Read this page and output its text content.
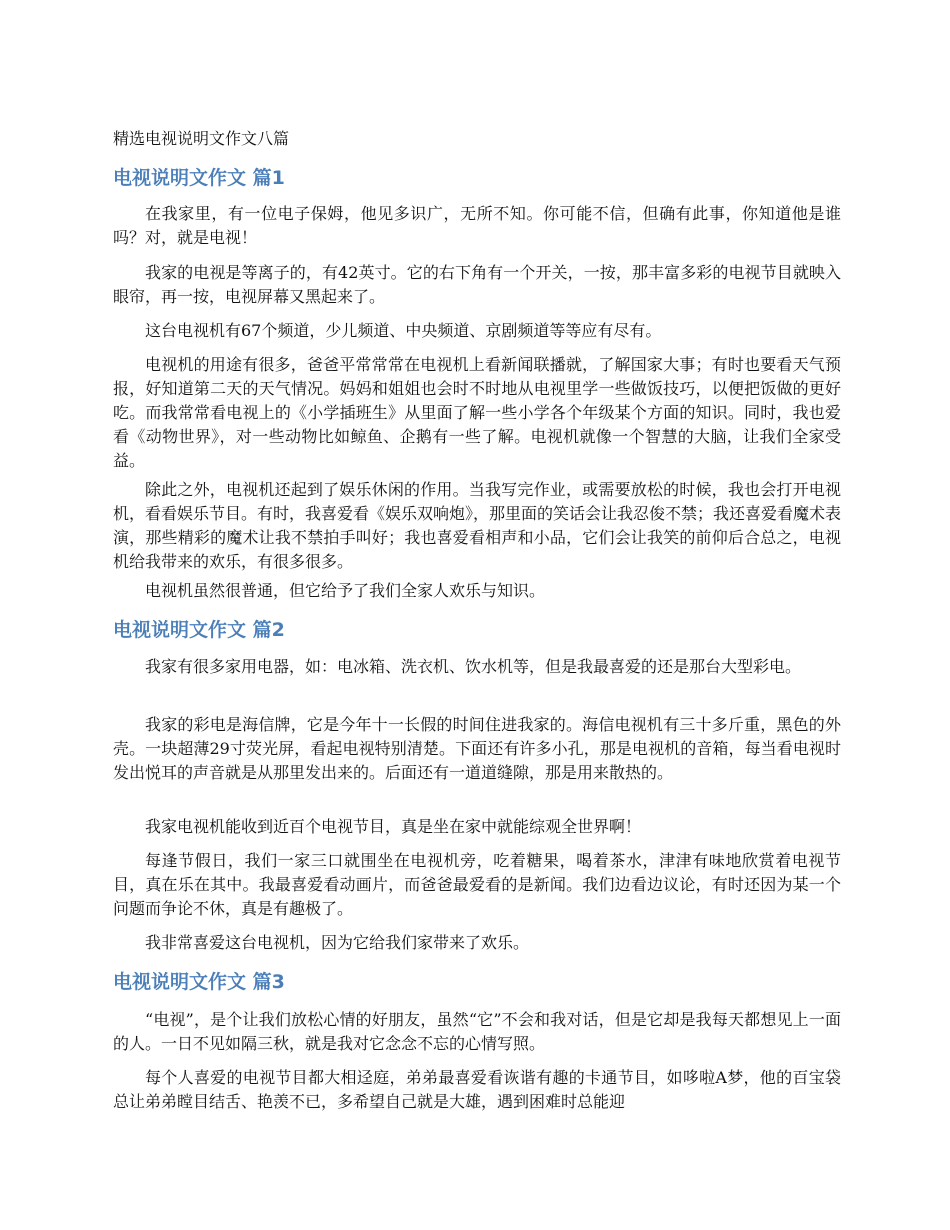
精选电视说明文作文八篇
电视说明文作文 篇1

在我家里，有一位电子保姆，他见多识广，无所不知。你可能不信，但确有此事，你知道他是谁吗？对，就是电视！

我家的电视是等离子的，有42英寸。它的右下角有一个开关，一按，那丰富多彩的电视节目就映入眼帘，再一按，电视屏幕又黑起来了。

这台电视机有67个频道，少儿频道、中央频道、京剧频道等等应有尽有。

电视机的用途有很多，爸爸平常常常在电视机上看新闻联播就，了解国家大事；有时也要看天气预报，好知道第二天的天气情况。妈妈和姐姐也会时不时地从电视里学一些做饭技巧，以便把饭做的更好吃。而我常常看电视上的《小学插班生》从里面了解一些小学各个年级某个方面的知识。同时，我也爱看《动物世界》，对一些动物比如鲸鱼、企鹅有一些了解。电视机就像一个智慧的大脑，让我们全家受益。

除此之外，电视机还起到了娱乐休闲的作用。当我写完作业，或需要放松的时候，我也会打开电视机，看看娱乐节目。有时，我喜爱看《娱乐双响炮》，那里面的笑话会让我忍俊不禁；我还喜爱看魔术表演，那些精彩的魔术让我不禁拍手叫好；我也喜爱看相声和小品，它们会让我笑的前仰后合总之，电视机给我带来的欢乐，有很多很多。

电视机虽然很普通，但它给予了我们全家人欢乐与知识。

电视说明文作文 篇2

我家有很多家用电器，如：电冰箱、洗衣机、饮水机等，但是我最喜爱的还是那台大型彩电。

我家的彩电是海信牌，它是今年十一长假的时间住进我家的。海信电视机有三十多斤重，黑色的外壳。一块超薄29寸荧光屏，看起电视特别清楚。下面还有许多小孔，那是电视机的音箱，每当看电视时发出悦耳的声音就是从那里发出来的。后面还有一道道缝隙，那是用来散热的。

我家电视机能收到近百个电视节目，真是坐在家中就能综观全世界啊！

每逢节假日，我们一家三口就围坐在电视机旁，吃着糖果，喝着茶水，津津有味地欣赏着电视节目，真在乐在其中。我最喜爱看动画片，而爸爸最爱看的是新闻。我们边看边议论，有时还因为某一个问题而争论不休，真是有趣极了。

我非常喜爱这台电视机，因为它给我们家带来了欢乐。

电视说明文作文 篇3

“电视”，是个让我们放松心情的好朋友，虽然“它”不会和我对话，但是它却是我每天都想见上一面的人。一日不见如隔三秋，就是我对它念念不忘的心情写照。

每个人喜爱的电视节目都大相迳庭，弟弟最喜爱看诙谐有趣的卡通节目，如哆啦A梦，他的百宝袋总让弟弟瞠目结舌、艳羡不已，多希望自己就是大雄，遇到困难时总能迎
